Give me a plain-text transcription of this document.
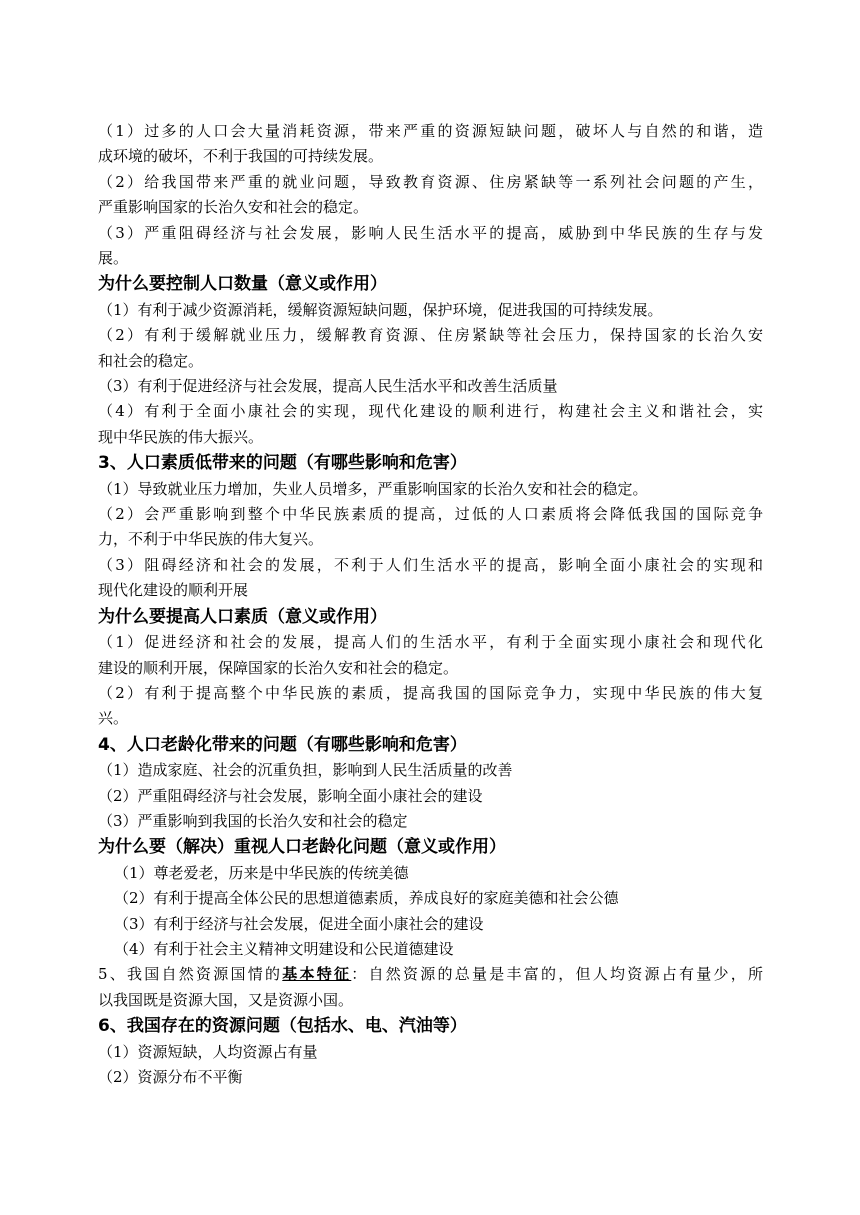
（1）过多的人口会大量消耗资源，带来严重的资源短缺问题，破坏人与自然的和谐，造
成环境的破坏，不利于我国的可持续发展。
（2）给我国带来严重的就业问题，导致教育资源、住房紧缺等一系列社会问题的产生，
严重影响国家的长治久安和社会的稳定。
（3）严重阻碍经济与社会发展，影响人民生活水平的提高，威胁到中华民族的生存与发
展。
为什么要控制人口数量（意义或作用）
（1）有利于减少资源消耗，缓解资源短缺问题，保护环境，促进我国的可持续发展。
（2）有利于缓解就业压力，缓解教育资源、住房紧缺等社会压力，保持国家的长治久安
和社会的稳定。
（3）有利于促进经济与社会发展，提高人民生活水平和改善生活质量
（4）有利于全面小康社会的实现，现代化建设的顺利进行，构建社会主义和谐社会，实
现中华民族的伟大振兴。
3、人口素质低带来的问题（有哪些影响和危害）
（1）导致就业压力增加，失业人员增多，严重影响国家的长治久安和社会的稳定。
（2）会严重影响到整个中华民族素质的提高，过低的人口素质将会降低我国的国际竞争
力，不利于中华民族的伟大复兴。
（3）阻碍经济和社会的发展，不利于人们生活水平的提高，影响全面小康社会的实现和
现代化建设的顺利开展
为什么要提高人口素质（意义或作用）
（1）促进经济和社会的发展，提高人们的生活水平，有利于全面实现小康社会和现代化
建设的顺利开展，保障国家的长治久安和社会的稳定。
（2）有利于提高整个中华民族的素质，提高我国的国际竞争力，实现中华民族的伟大复
兴。
4、人口老龄化带来的问题（有哪些影响和危害）
（1）造成家庭、社会的沉重负担，影响到人民生活质量的改善
（2）严重阻碍经济与社会发展，影响全面小康社会的建设
（3）严重影响到我国的长治久安和社会的稳定
为什么要（解决）重视人口老龄化问题（意义或作用）
（1）尊老爱老，历来是中华民族的传统美德
（2）有利于提高全体公民的思想道德素质，养成良好的家庭美德和社会公德
（3）有利于经济与社会发展，促进全面小康社会的建设
（4）有利于社会主义精神文明建设和公民道德建设
5、我国自然资源国情的基本特征：自然资源的总量是丰富的，但人均资源占有量少，所
以我国既是资源大国，又是资源小国。
6、我国存在的资源问题（包括水、电、汽油等）
（1）资源短缺，人均资源占有量
（2）资源分布不平衡
